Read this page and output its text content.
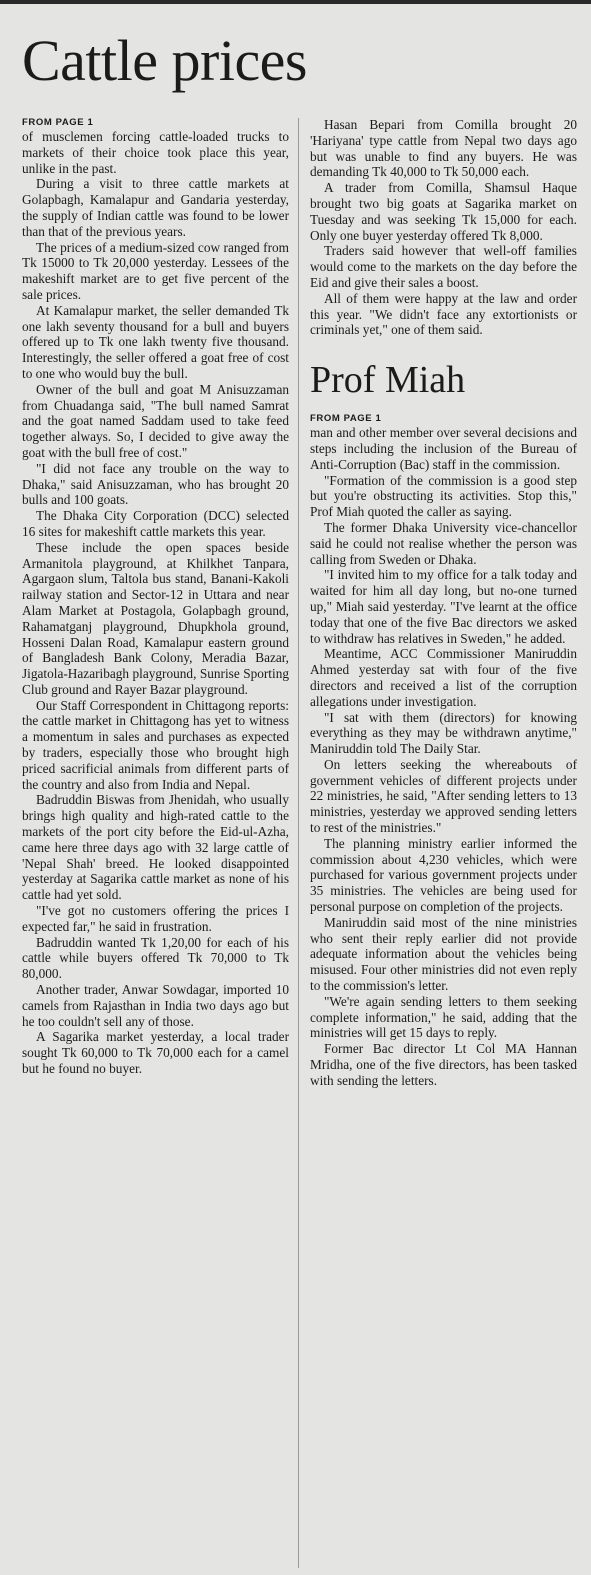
Cattle prices
FROM PAGE 1

of musclemen forcing cattle-loaded trucks to markets of their choice took place this year, unlike in the past.

During a visit to three cattle markets at Golapbagh, Kamalapur and Gandaria yesterday, the supply of Indian cattle was found to be lower than that of the previous years.

The prices of a medium-sized cow ranged from Tk 15000 to Tk 20,000 yesterday. Lessees of the makeshift market are to get five percent of the sale prices.

At Kamalapur market, the seller demanded Tk one lakh seventy thousand for a bull and buyers offered up to Tk one lakh twenty five thousand. Interestingly, the seller offered a goat free of cost to one who would buy the bull.

Owner of the bull and goat M Anisuzzaman from Chuadanga said, "The bull named Samrat and the goat named Saddam used to take feed together always. So, I decided to give away the goat with the bull free of cost."

"I did not face any trouble on the way to Dhaka," said Anisuzzaman, who has brought 20 bulls and 100 goats.

The Dhaka City Corporation (DCC) selected 16 sites for makeshift cattle markets this year.

These include the open spaces beside Armanitola playground, at Khilkhet Tanpara, Agargaon slum, Taltola bus stand, Banani-Kakoli railway station and Sector-12 in Uttara and near Alam Market at Postagola, Golapbagh ground, Rahamatganj playground, Dhupkhola ground, Hosseni Dalan Road, Kamalapur eastern ground of Bangladesh Bank Colony, Meradia Bazar, Jigatola-Hazaribagh playground, Sunrise Sporting Club ground and Rayer Bazar playground.

Our Staff Correspondent in Chittagong reports: the cattle market in Chittagong has yet to witness a momentum in sales and purchases as expected by traders, especially those who brought high priced sacrificial animals from different parts of the country and also from India and Nepal.

Badruddin Biswas from Jhenidah, who usually brings high quality and high-rated cattle to the markets of the port city before the Eid-ul-Azha, came here three days ago with 32 large cattle of 'Nepal Shah' breed. He looked disappointed yesterday at Sagarika cattle market as none of his cattle had yet sold.

"I've got no customers offering the prices I expected far," he said in frustration.

Badruddin wanted Tk 1,20,00 for each of his cattle while buyers offered Tk 70,000 to Tk 80,000.

Another trader, Anwar Sowdagar, imported 10 camels from Rajasthan in India two days ago but he too couldn't sell any of those.

A Sagarika market yesterday, a local trader sought Tk 60,000 to Tk 70,000 each for a camel but he found no buyer.

Hasan Bepari from Comilla brought 20 'Hariyana' type cattle from Nepal two days ago but was unable to find any buyers. He was demanding Tk 40,000 to Tk 50,000 each.

A trader from Comilla, Shamsul Haque brought two big goats at Sagarika market on Tuesday and was seeking Tk 15,000 for each. Only one buyer yesterday offered Tk 8,000.

Traders said however that well-off families would come to the markets on the day before the Eid and give their sales a boost.

All of them were happy at the law and order this year. "We didn't face any extortionists or criminals yet," one of them said.

Prof Miah
FROM PAGE 1

man and other member over several decisions and steps including the inclusion of the Bureau of Anti-Corruption (Bac) staff in the commission.

"Formation of the commission is a good step but you're obstructing its activities. Stop this," Prof Miah quoted the caller as saying.

The former Dhaka University vice-chancellor said he could not realise whether the person was calling from Sweden or Dhaka.

"I invited him to my office for a talk today and waited for him all day long, but no-one turned up," Miah said yesterday. "I've learnt at the office today that one of the five Bac directors we asked to withdraw has relatives in Sweden," he added.

Meantime, ACC Commissioner Maniruddin Ahmed yesterday sat with four of the five directors and received a list of the corruption allegations under investigation.

"I sat with them (directors) for knowing everything as they may be withdrawn anytime," Maniruddin told The Daily Star.

On letters seeking the whereabouts of government vehicles of different projects under 22 ministries, he said, "After sending letters to 13 ministries, yesterday we approved sending letters to rest of the ministries."

The planning ministry earlier informed the commission about 4,230 vehicles, which were purchased for various government projects under 35 ministries. The vehicles are being used for personal purpose on completion of the projects.

Maniruddin said most of the nine ministries who sent their reply earlier did not provide adequate information about the vehicles being misused. Four other ministries did not even reply to the commission's letter.

"We're again sending letters to them seeking complete information," he said, adding that the ministries will get 15 days to reply.

Former Bac director Lt Col MA Hannan Mridha, one of the five directors, has been tasked with sending the letters.
